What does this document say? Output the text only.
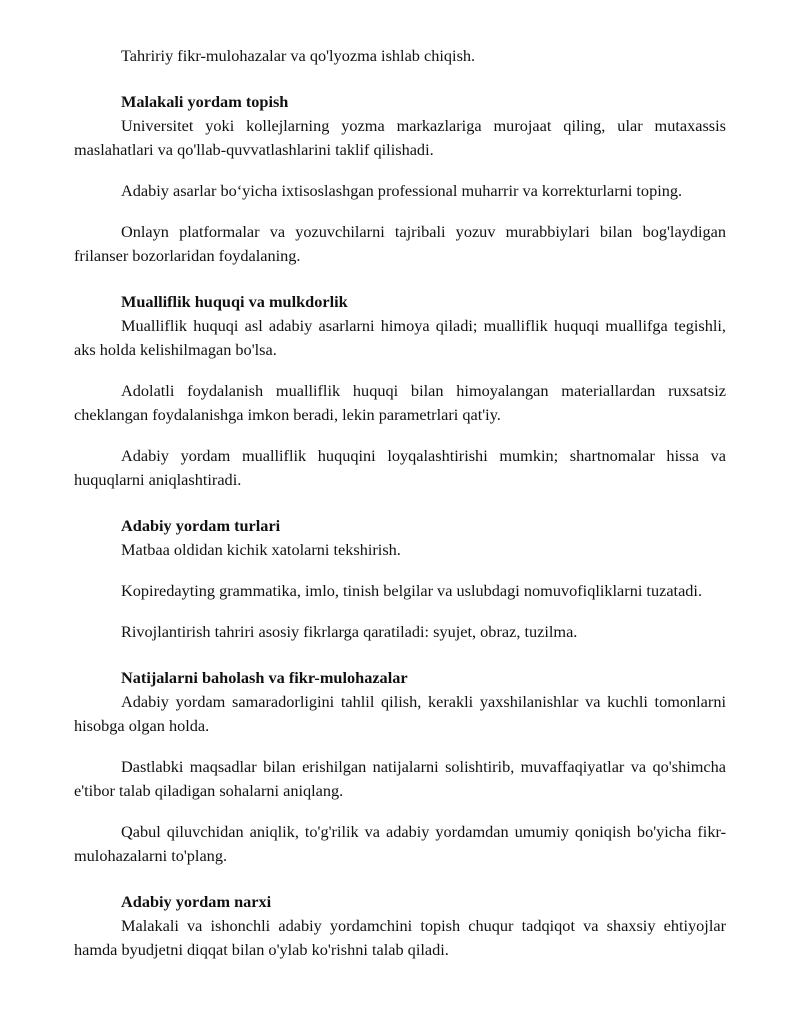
Tahririy fikr-mulohazalar va qo'lyozma ishlab chiqish.

Malakali yordam topish

Universitet yoki kollejlarning yozma markazlariga murojaat qiling, ular mutaxassis maslahatlari va qo'llab-quvvatlashlarini taklif qilishadi.

Adabiy asarlar bo‘yicha ixtisoslashgan professional muharrir va korrekturlarni toping.

Onlayn platformalar va yozuvchilarni tajribali yozuv murabbiylari bilan bog'laydigan frilanser bozorlaridan foydalaning.

Mualliflik huquqi va mulkdorlik

Mualliflik huquqi asl adabiy asarlarni himoya qiladi; mualliflik huquqi muallifga tegishli, aks holda kelishilmagan bo'lsa.

Adolatli foydalanish mualliflik huquqi bilan himoyalangan materiallardan ruxsatsiz cheklangan foydalanishga imkon beradi, lekin parametrlari qat'iy.

Adabiy yordam mualliflik huquqini loyqalashtirishi mumkin; shartnomalar hissa va huquqlarni aniqlashtiradi.

Adabiy yordam turlari

Matbaa oldidan kichik xatolarni tekshirish.

Kopiredayting grammatika, imlo, tinish belgilar va uslubdagi nomuvofiqliklarni tuzatadi.

Rivojlantirish tahriri asosiy fikrlarga qaratiladi: syujet, obraz, tuzilma.

Natijalarni baholash va fikr-mulohazalar

Adabiy yordam samaradorligini tahlil qilish, kerakli yaxshilanishlar va kuchli tomonlarni hisobga olgan holda.

Dastlabki maqsadlar bilan erishilgan natijalarni solishtirib, muvaffaqiyatlar va qo'shimcha e'tibor talab qiladigan sohalarni aniqlang.

Qabul qiluvchidan aniqlik, to'g'rilik va adabiy yordamdan umumiy qoniqish bo'yicha fikr-mulohazalarni to'plang.

Adabiy yordam narxi

Malakali va ishonchli adabiy yordamchini topish chuqur tadqiqot va shaxsiy ehtiyojlar hamda byudjetni diqqat bilan o'ylab ko'rishni talab qiladi.
